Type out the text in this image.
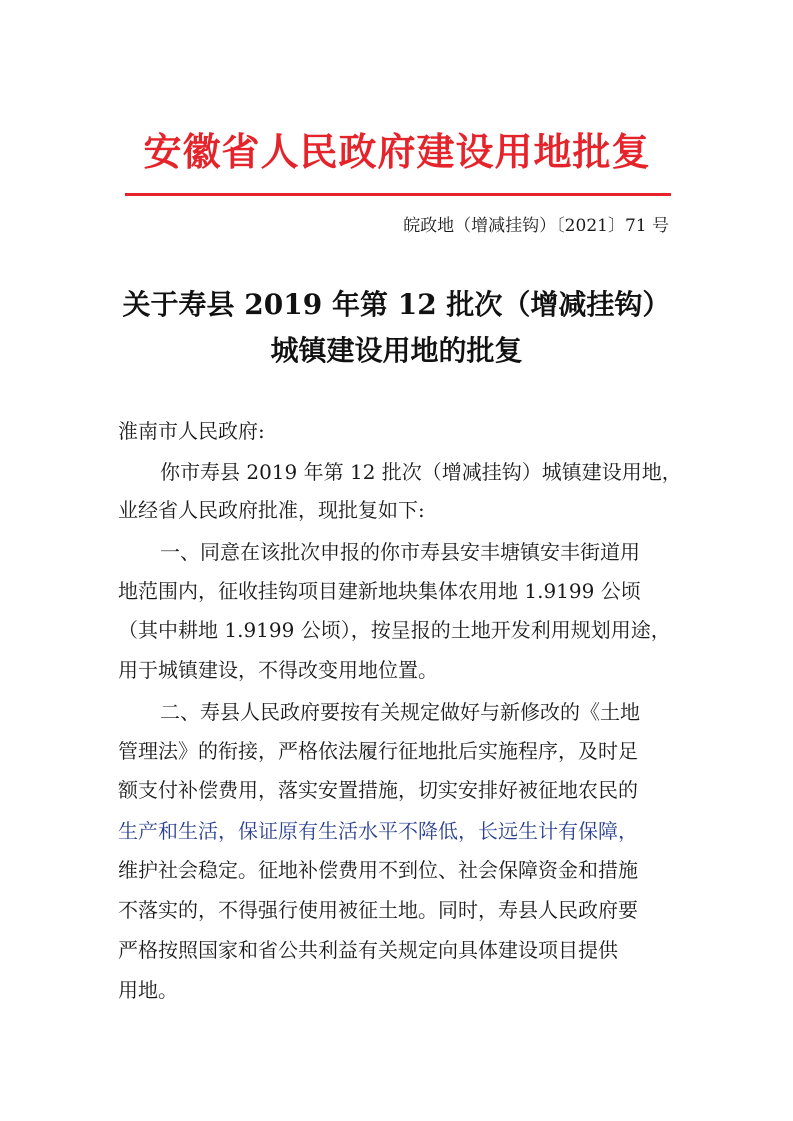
安徽省人民政府建设用地批复
皖政地（增减挂钩）〔2021〕71 号
关于寿县 2019 年第 12 批次（增减挂钩）
城镇建设用地的批复
淮南市人民政府:
你市寿县 2019 年第 12 批次（增减挂钩）城镇建设用地，
业经省人民政府批准，现批复如下:
一、同意在该批次申报的你市寿县安丰塘镇安丰街道用
地范围内，征收挂钩项目建新地块集体农用地 1.9199 公顷
（其中耕地 1.9199 公顷），按呈报的土地开发利用规划用途，
用于城镇建设，不得改变用地位置。
二、寿县人民政府要按有关规定做好与新修改的《土地
管理法》的衔接，严格依法履行征地批后实施程序，及时足
额支付补偿费用，落实安置措施，切实安排好被征地农民的
生产和生活，保证原有生活水平不降低，长远生计有保障，
维护社会稳定。征地补偿费用不到位、社会保障资金和措施
不落实的，不得强行使用被征土地。同时，寿县人民政府要
严格按照国家和省公共利益有关规定向具体建设项目提供
用地。
